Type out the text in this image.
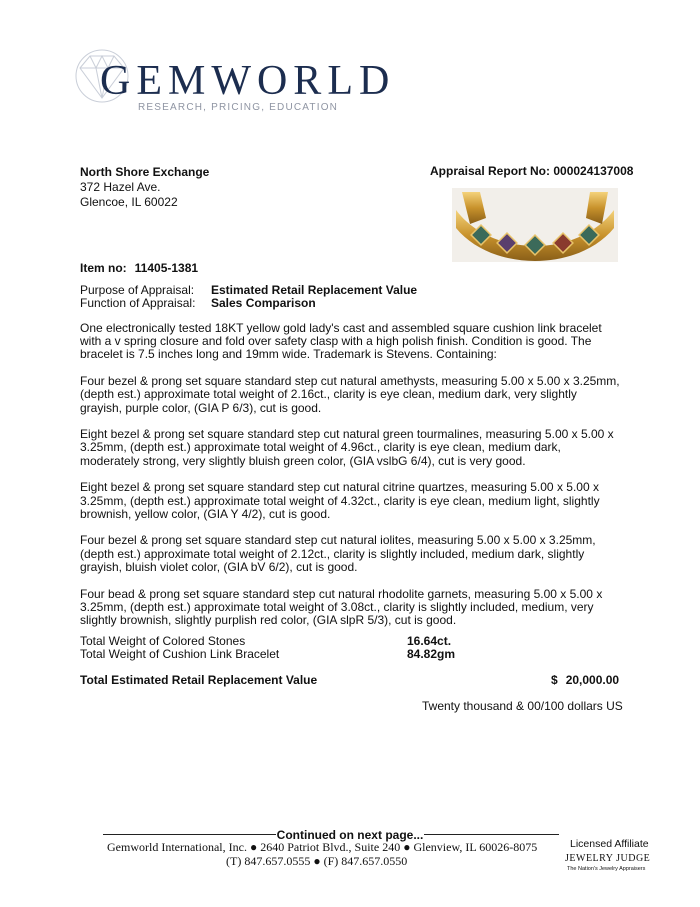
GEMWORLD
RESEARCH, PRICING, EDUCATION
North Shore Exchange
372 Hazel Ave.
Glencoe, IL 60022
Appraisal Report No: 000024137008
Item no: 11405-1381
Purpose of Appraisal:	Estimated Retail Replacement Value
Function of Appraisal:	Sales Comparison

One electronically tested 18KT yellow gold lady's cast and assembled square cushion link bracelet with a v spring closure and fold over safety clasp with a high polish finish. Condition is good. The bracelet is 7.5 inches long and 19mm wide. Trademark is Stevens. Containing:

Four bezel & prong set square standard step cut natural amethysts, measuring 5.00 x 5.00 x 3.25mm, (depth est.) approximate total weight of 2.16ct., clarity is eye clean, medium dark, very slightly grayish, purple color, (GIA P 6/3), cut is good.

Eight bezel & prong set square standard step cut natural green tourmalines, measuring 5.00 x 5.00 x 3.25mm, (depth est.) approximate total weight of 4.96ct., clarity is eye clean, medium dark, moderately strong, very slightly bluish green color, (GIA vslbG 6/4), cut is very good.

Eight bezel & prong set square standard step cut natural citrine quartzes, measuring 5.00 x 5.00 x 3.25mm, (depth est.) approximate total weight of 4.32ct., clarity is eye clean, medium light, slightly brownish, yellow color, (GIA Y 4/2), cut is good.

Four bezel & prong set square standard step cut natural iolites, measuring 5.00 x 5.00 x 3.25mm, (depth est.) approximate total weight of 2.12ct., clarity is slightly included, medium dark, slightly grayish, bluish violet color, (GIA bV 6/2), cut is good.

Four bead & prong set square standard step cut natural rhodolite garnets, measuring 5.00 x 5.00 x 3.25mm, (depth est.) approximate total weight of 3.08ct., clarity is slightly included, medium, very slightly brownish, slightly purplish red color, (GIA slpR 5/3), cut is good.

Total Weight of Colored Stones	16.64ct.
Total Weight of Cushion Link Bracelet	84.82gm
Total Estimated Retail Replacement Value	$ 20,000.00
Twenty thousand & 00/100 dollars US
Continued on next page...
Gemworld International, Inc. ● 2640 Patriot Blvd., Suite 240 ● Glenview, IL 60026-8075
(T) 847.657.0555 ● (F) 847.657.0550
Licensed Affiliate
JEWELRY JUDGE
The Nation's Jewelry Appraisers
